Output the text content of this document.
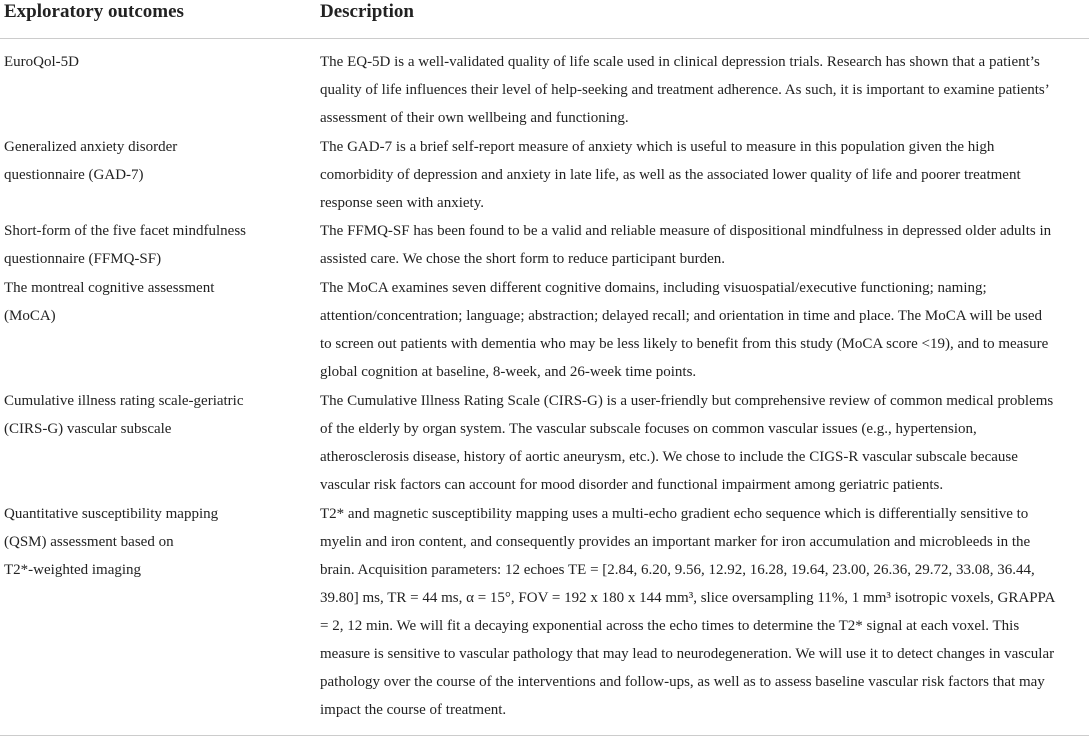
Exploratory outcomes	Description
EuroQol-5D	The EQ-5D is a well-validated quality of life scale used in clinical depression trials. Research has shown that a patient’s
quality of life influences their level of help-seeking and treatment adherence. As such, it is important to examine patients’
assessment of their own wellbeing and functioning.
Generalized anxiety disorder
questionnaire (GAD-7)
The GAD-7 is a brief self-report measure of anxiety which is useful to measure in this population given the high
comorbidity of depression and anxiety in late life, as well as the associated lower quality of life and poorer treatment
response seen with anxiety.
Short-form of the five facet mindfulness
questionnaire (FFMQ-SF)
The FFMQ-SF has been found to be a valid and reliable measure of dispositional mindfulness in depressed older adults in
assisted care. We chose the short form to reduce participant burden.
The montreal cognitive assessment
(MoCA)
The MoCA examines seven different cognitive domains, including visuospatial/executive functioning; naming;
attention/concentration; language; abstraction; delayed recall; and orientation in time and place. The MoCA will be used
to screen out patients with dementia who may be less likely to benefit from this study (MoCA score <19), and to measure
global cognition at baseline, 8-week, and 26-week time points.
Cumulative illness rating scale-geriatric
(CIRS-G) vascular subscale
The Cumulative Illness Rating Scale (CIRS-G) is a user-friendly but comprehensive review of common medical problems
of the elderly by organ system. The vascular subscale focuses on common vascular issues (e.g., hypertension,
atherosclerosis disease, history of aortic aneurysm, etc.). We chose to include the CIGS-R vascular subscale because
vascular risk factors can account for mood disorder and functional impairment among geriatric patients.
Quantitative susceptibility mapping
(QSM) assessment based on
T2*-weighted imaging
T2* and magnetic susceptibility mapping uses a multi-echo gradient echo sequence which is differentially sensitive to
myelin and iron content, and consequently provides an important marker for iron accumulation and microbleeds in the
brain. Acquisition parameters: 12 echoes TE = [2.84, 6.20, 9.56, 12.92, 16.28, 19.64, 23.00, 26.36, 29.72, 33.08, 36.44,
39.80] ms, TR = 44 ms, α = 15°, FOV = 192 x 180 x 144 mm³, slice oversampling 11%, 1 mm³ isotropic voxels, GRAPPA
= 2, 12 min. We will fit a decaying exponential across the echo times to determine the T2* signal at each voxel. This
measure is sensitive to vascular pathology that may lead to neurodegeneration. We will use it to detect changes in vascular
pathology over the course of the interventions and follow-ups, as well as to assess baseline vascular risk factors that may
impact the course of treatment.
